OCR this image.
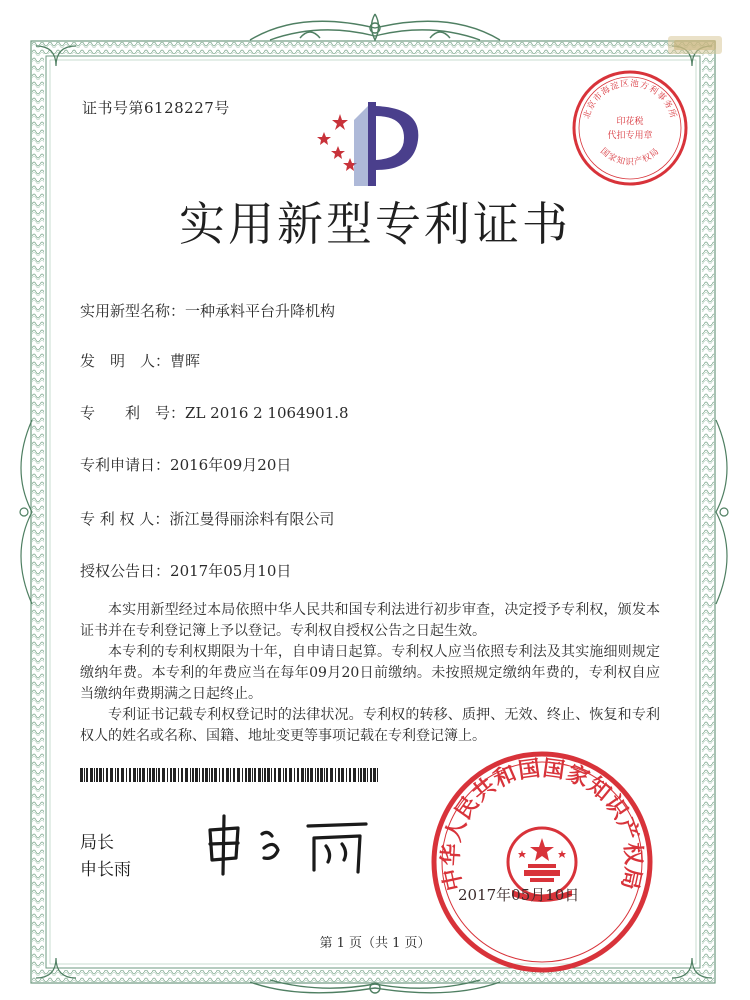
证书号第6128227号	北京市海淀区池方利事务所
印花税
代扣专用章
国家知识产权局
实用新型专利证书
实用新型名称：一种承料平台升降机构
发　明　人：曹晖
专　　利　号：ZL 2016 2 1064901.8
专利申请日：2016年09月20日
专 利 权 人：浙江曼得丽涂料有限公司
授权公告日：2017年05月10日

本实用新型经过本局依照中华人民共和国专利法进行初步审查，决定授予专利权，颁发本证书并在专利登记簿上予以登记。专利权自授权公告之日起生效。

本专利的专利权期限为十年，自申请日起算。专利权人应当依照专利法及其实施细则规定缴纳年费。本专利的年费应当在每年09月20日前缴纳。未按照规定缴纳年费的，专利权自应当缴纳年费期满之日起终止。

专利证书记载专利权登记时的法律状况。专利权的转移、质押、无效、终止、恢复和专利权人的姓名或名称、国籍、地址变更等事项记载在专利登记簿上。

局长
申长雨	中华人民共和国国家知识产权局
2017年05月10日
第 1 页（共 1 页）
